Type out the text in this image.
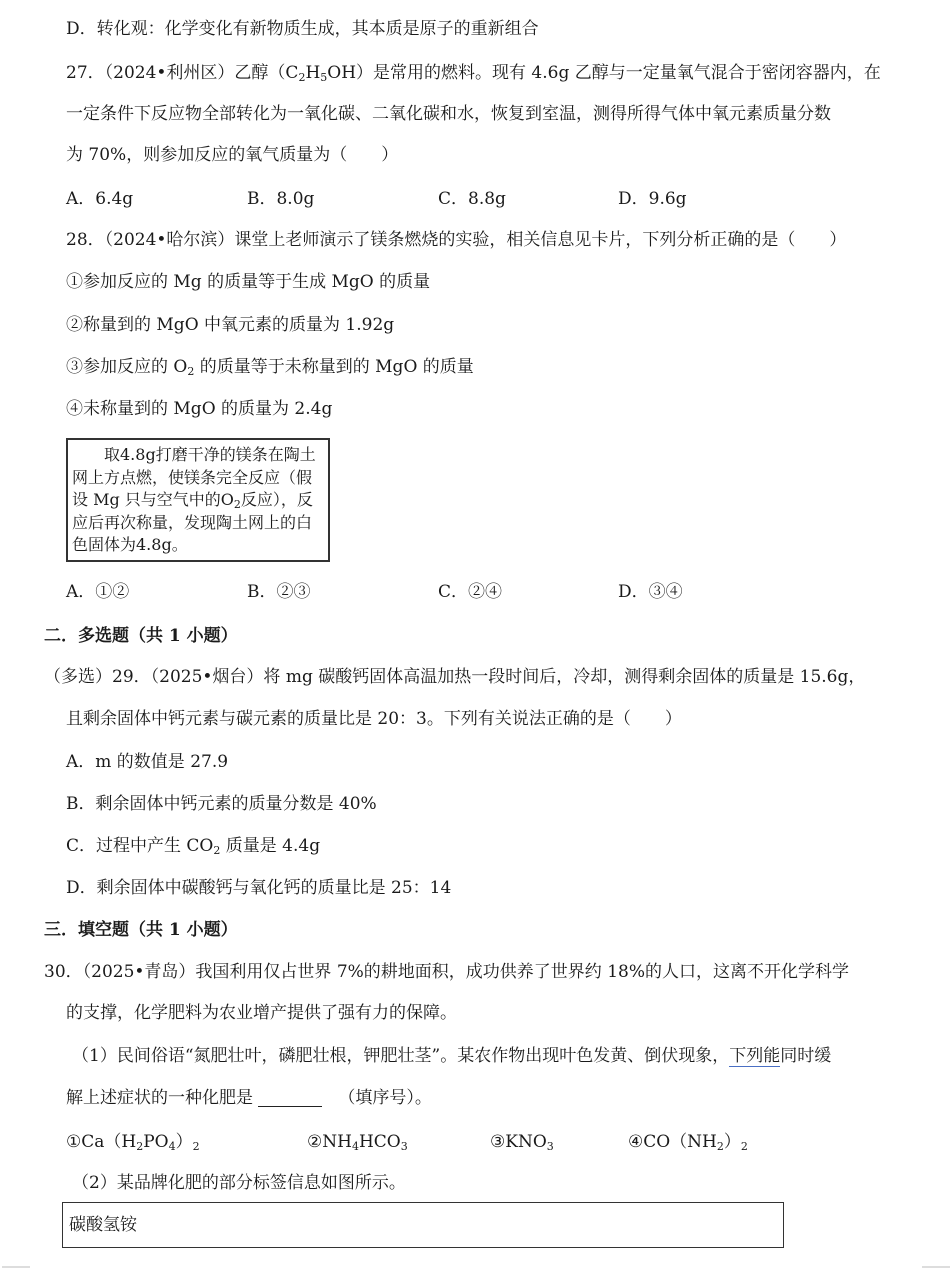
D．转化观：化学变化有新物质生成，其本质是原子的重新组合
27．（2024•利州区）乙醇$(C_2H_5OH)$是常用的燃料。现有 4.6g 乙醇与一定量氧气混合于密闭容器内，在
一定条件下反应物全部转化为一氧化碳、二氧化碳和水，恢复到室温，测得所得气体中氧元素质量分数
为 70%，则参加反应的氧气质量为（　　）
A．6.4g	B．8.0g	C．8.8g	D．9.6g
28．（2024•哈尔滨）课堂上老师演示了镁条燃烧的实验，相关信息见卡片，下列分析正确的是（　　）
①参加反应的 Mg 的质量等于生成 MgO 的质量
②称量到的 MgO 中氧元素的质量为 1.92g
③参加反应的 $O_2$ 的质量等于未称量到的 MgO 的质量
④未称量到的 MgO 的质量为 2.4g
取4.8g打磨干净的镁条在陶土网上方点燃，使镁条完全反应（假设 Mg 只与空气中的$O_2$反应），反应后再次称量，发现陶土网上的白色固体为4.8g。
A．①②	B．②③	C．②④	D．③④
二．多选题（共 1 小题）
（多选）29．（2025•烟台）将 mg 碳酸钙固体高温加热一段时间后，冷却，测得剩余固体的质量是 15.6g，
且剩余固体中钙元素与碳元素的质量比是 20：3。下列有关说法正确的是（　　）
A．m 的数值是 27.9
B．剩余固体中钙元素的质量分数是 40%
C．过程中产生 $CO_2$ 质量是 4.4g
D．剩余固体中碳酸钙与氧化钙的质量比是 25：14
三．填空题（共 1 小题）
30．（2025•青岛）我国利用仅占世界 7%的耕地面积，成功供养了世界约 18%的人口，这离不开化学科学
的支撑，化学肥料为农业增产提供了强有力的保障。
（1）民间俗语“氮肥壮叶，磷肥壮根，钾肥壮茎”。某农作物出现叶色发黄、倒伏现象，下列能同时缓
解上述症状的一种化肥是	（填序号）。
$①Ca(H_2PO_4)_2$	$②NH_4HCO_3$	$③KNO_3$	$④CO(NH_2)_2$
（2）某品牌化肥的部分标签信息如图所示。
碳酸氢铵
